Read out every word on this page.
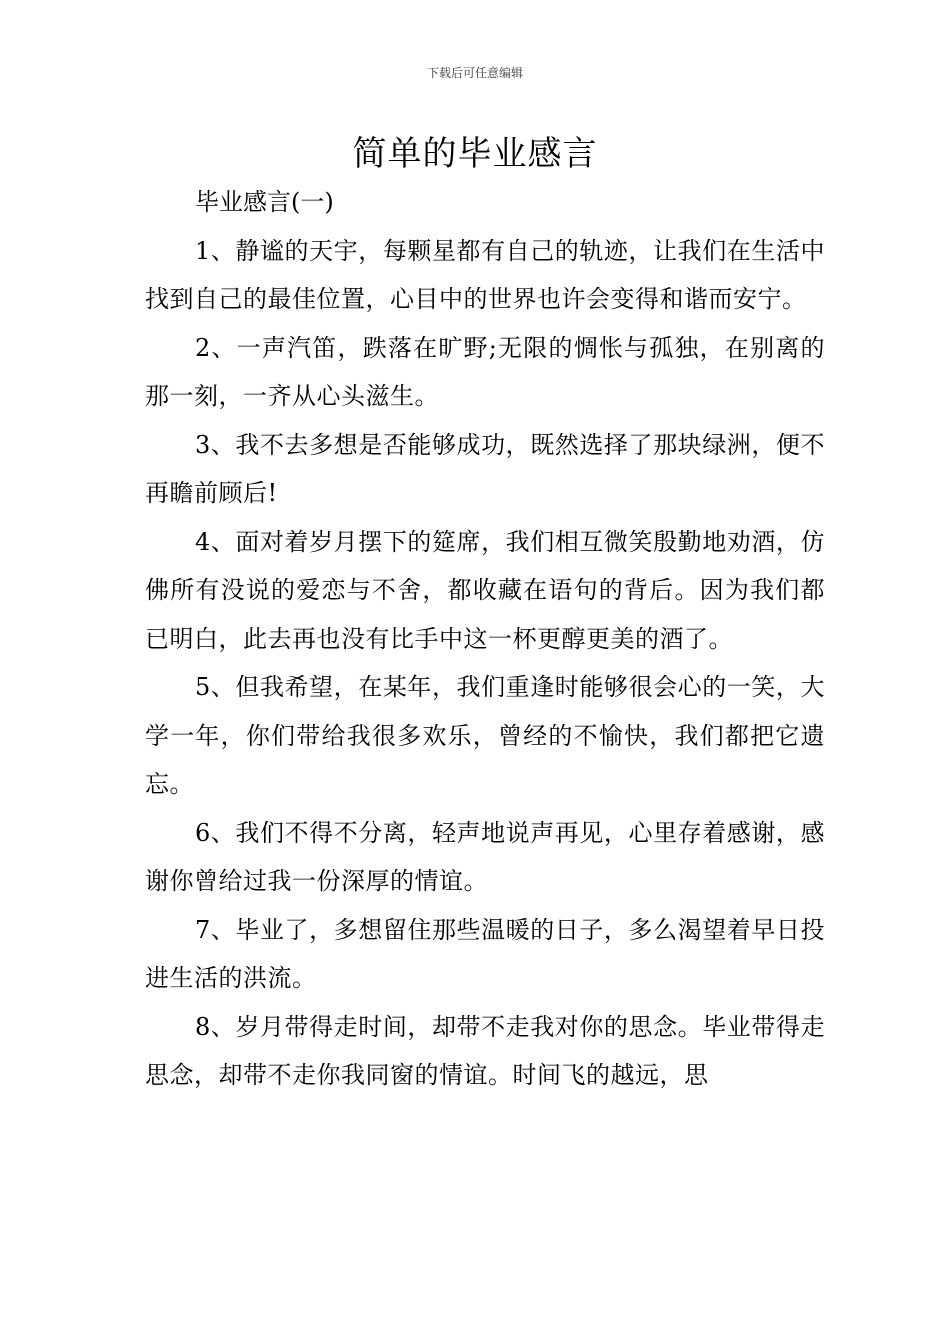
下载后可任意编辑
简单的毕业感言

毕业感言(一)

1、静谧的天宇，每颗星都有自己的轨迹，让我们在生活中找到自己的最佳位置，心目中的世界也许会变得和谐而安宁。

2、一声汽笛，跌落在旷野;无限的惆怅与孤独，在别离的那一刻，一齐从心头滋生。

3、我不去多想是否能够成功，既然选择了那块绿洲，便不再瞻前顾后!

4、面对着岁月摆下的筵席，我们相互微笑殷勤地劝酒，仿佛所有没说的爱恋与不舍，都收藏在语句的背后。因为我们都已明白，此去再也没有比手中这一杯更醇更美的酒了。

5、但我希望，在某年，我们重逢时能够很会心的一笑，大学一年，你们带给我很多欢乐，曾经的不愉快，我们都把它遗忘。

6、我们不得不分离，轻声地说声再见，心里存着感谢，感谢你曾给过我一份深厚的情谊。

7、毕业了，多想留住那些温暖的日子，多么渴望着早日投进生活的洪流。

8、岁月带得走时间，却带不走我对你的思念。毕业带得走思念，却带不走你我同窗的情谊。时间飞的越远，思
